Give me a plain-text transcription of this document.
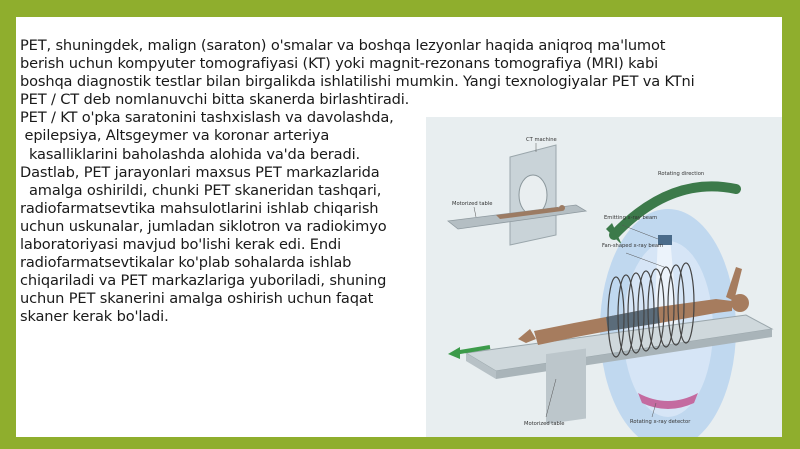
PET, shuningdek, malign (saraton) o'smalar va boshqa lezyonlar haqida aniqroq ma'lumot
berish uchun kompyuter tomografiyasi (KT) yoki magnit-rezonans tomografiya (MRI) kabi
boshqa diagnostik testlar bilan birgalikda ishlatilishi mumkin. Yangi texnologiyalar PET va KTni
PET / CT deb nomlanuvchi bitta skanerda birlashtiradi.
PET / KT o'pka saratonini tashxislash va davolashda,
epilepsiya, Altsgeymer va koronar arteriya
kasalliklarini baholashda alohida va'da beradi.
Dastlab, PET jarayonlari maxsus PET markazlarida
amalga oshirildi, chunki PET skaneridan tashqari,
radiofarmatsevtika mahsulotlarini ishlab chiqarish
uchun uskunalar, jumladan siklotron va radiokimyo
laboratoriyasi mavjud bo'lishi kerak edi. Endi
radiofarmatsevtikalar ko'plab sohalarda ishlab
chiqariladi va PET markazlariga yuboriladi, shuning
uchun PET skanerini amalga oshirish uchun faqat
skaner kerak bo'ladi.
CT machine
Motorized table
Rotating direction
Emitting x-ray beam
Fan-shaped x-ray beam
Rotating x-ray detector
Motorized table
